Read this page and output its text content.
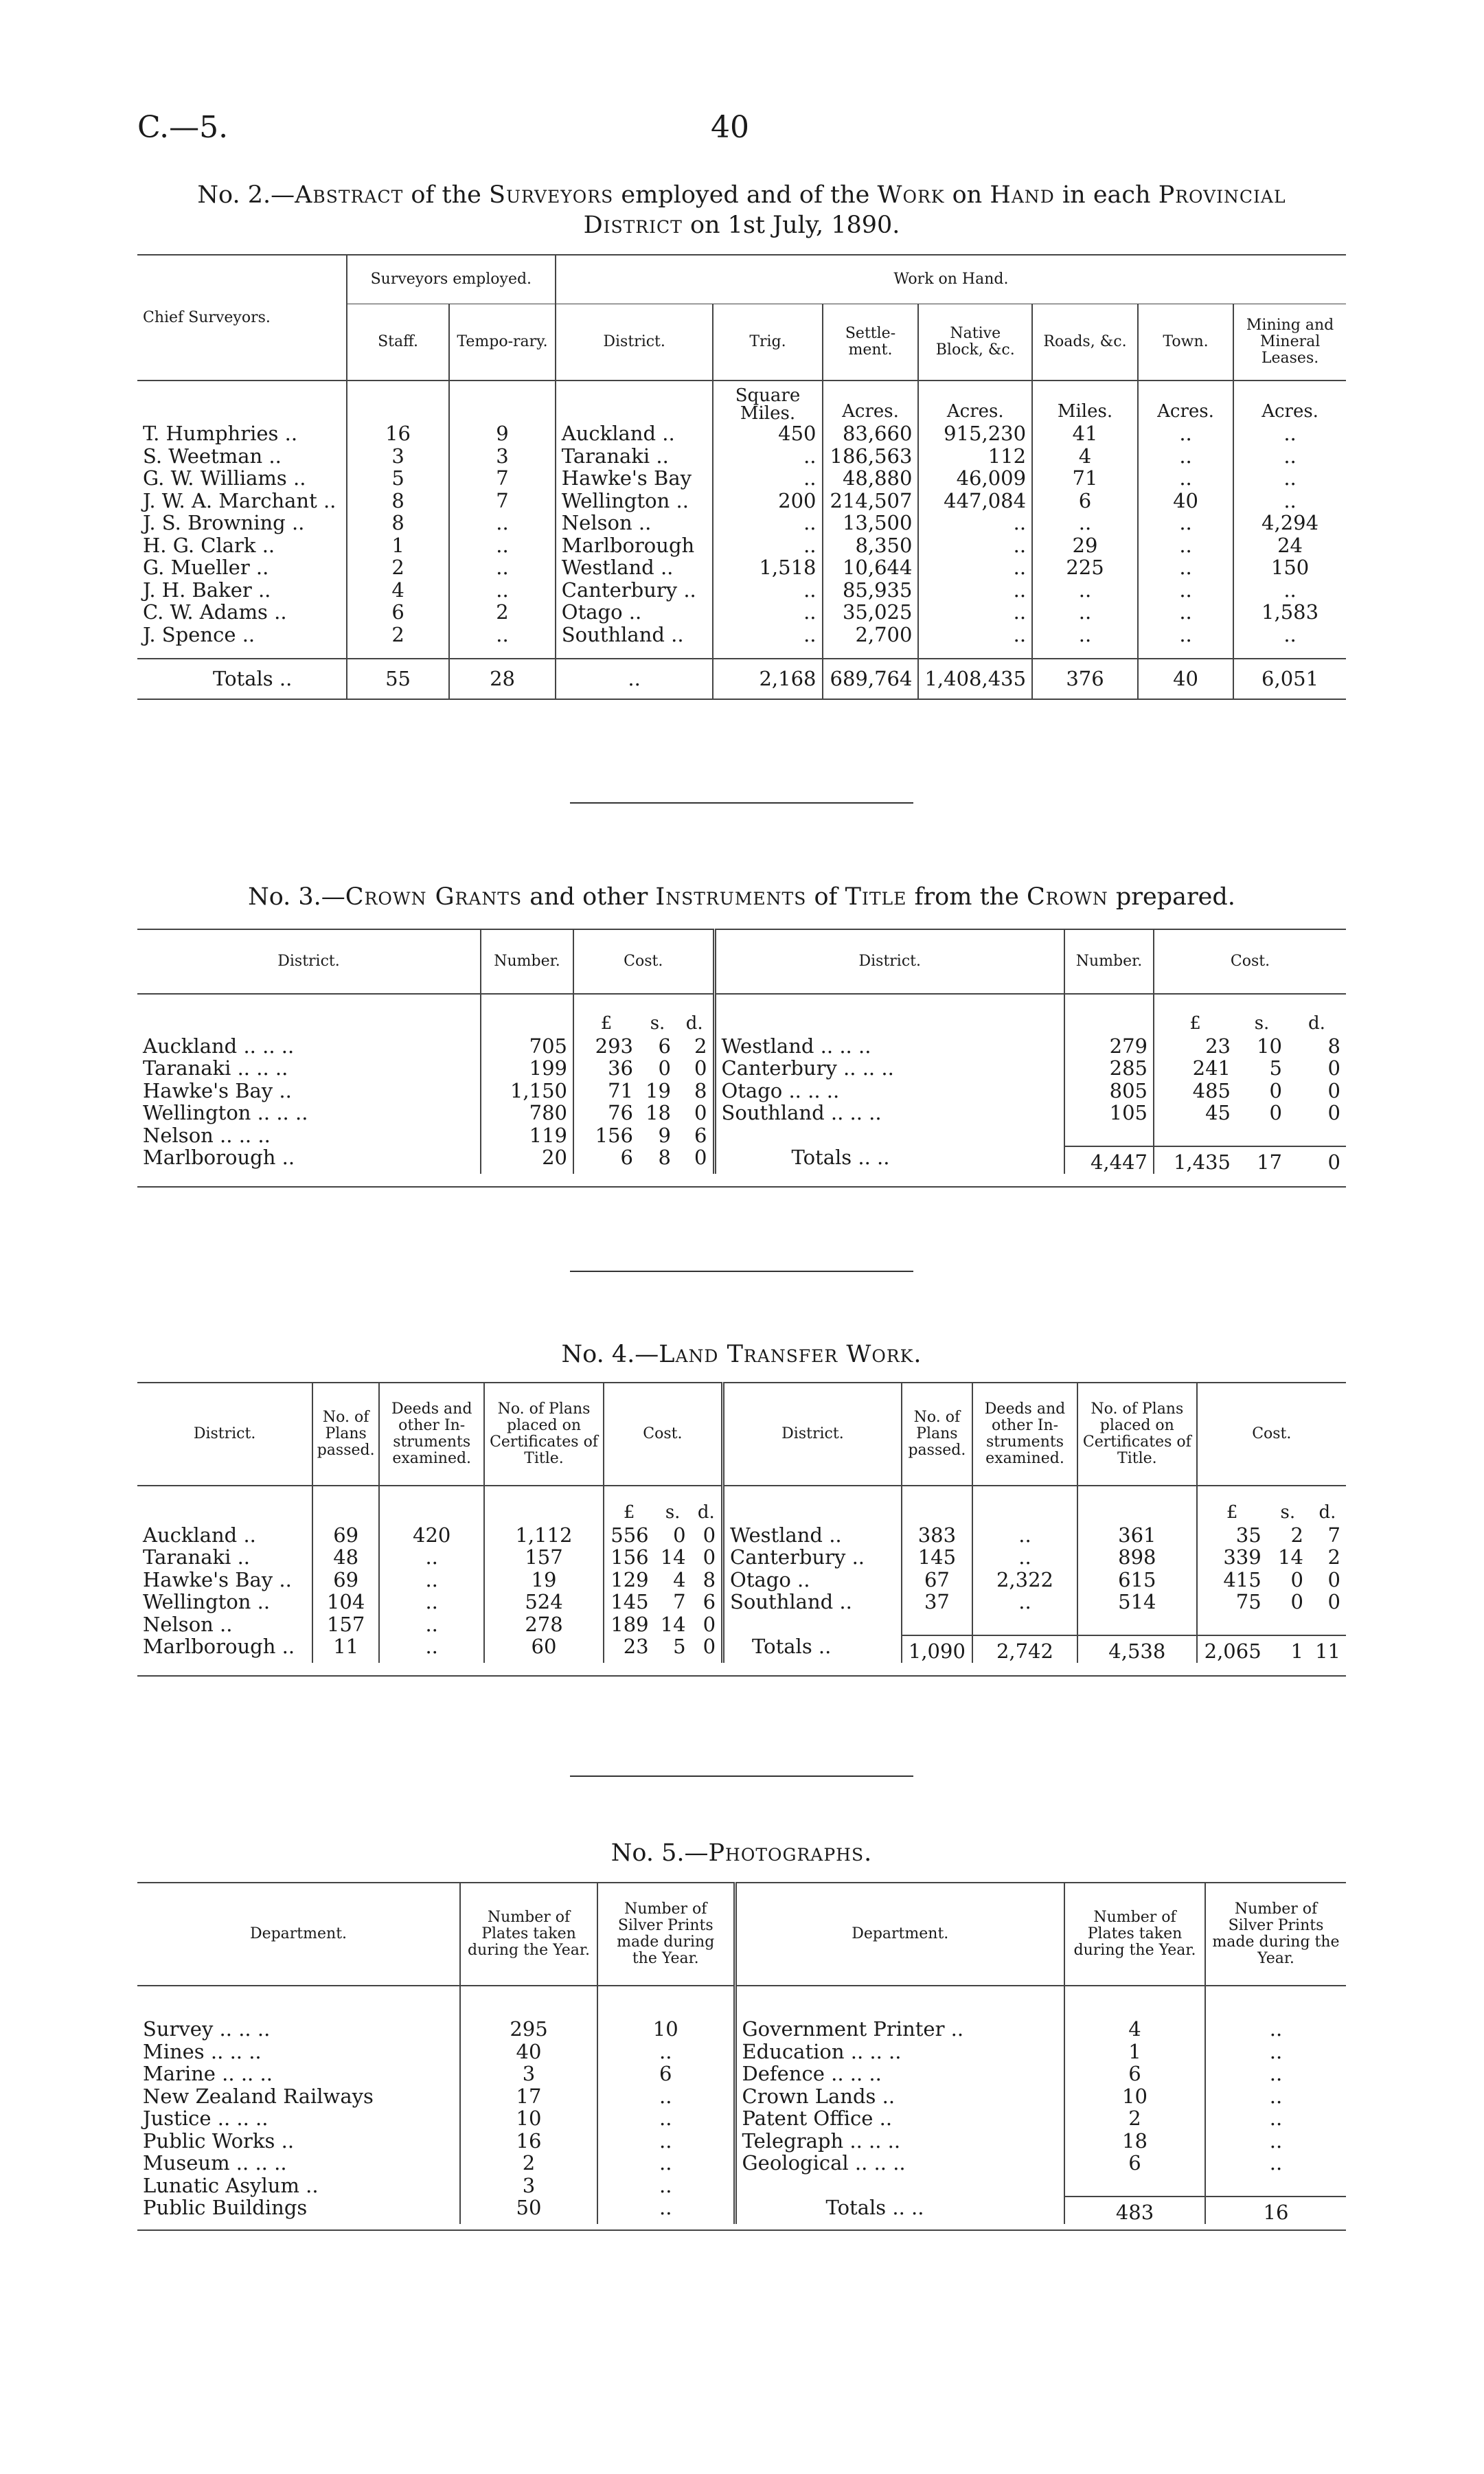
C.—5.	40
No. 2.—Abstract of the Surveyors employed and of the Work on Hand in each Provincial
District on 1st July, 1890.
Chief Surveyors.	Surveyors employed.		Work on Hand.						
	Staff.	Tempo-rary.	District.	Trig.	Settle-ment.	Native Block, &c.	Roads, &c.	Town.	Mining and Mineral Leases.
				Square Miles.	Acres.	Acres.	Miles.	Acres.	Acres.
T. Humphries ..	16	9	Auckland ..	450	83,660	915,230	41	..	..
S. Weetman ..	3	3	Taranaki ..	..	186,563	112	4	..	..
G. W. Williams ..	5	7	Hawke's Bay	..	48,880	46,009	71	..	..
J. W. A. Marchant ..	8	7	Wellington ..	200	214,507	447,084	6	40	..
J. S. Browning ..	8	..	Nelson ..	..	13,500	..	..	..	4,294
H. G. Clark ..	1	..	Marlborough	..	8,350	..	29	..	24
G. Mueller ..	2	..	Westland ..	1,518	10,644	..	225	..	150
J. H. Baker ..	4	..	Canterbury ..	..	85,935	..	..	..	..
C. W. Adams ..	6	2	Otago ..	..	35,025	..	..	..	1,583
J. Spence ..	2	..	Southland ..	..	2,700	..	..	..	..

Totals ..	55	28	..	2,168	689,764	1,408,435	376	40	6,051
No. 3.—Crown Grants and other Instruments of Title from the Crown prepared.
District.	Number.	Cost.			District.	Number.	Cost.		
		£	s.	d.			£	s.	d.
Auckland .. .. ..	705	293	6	2	Westland .. .. ..	279	23	10	8
Taranaki .. .. ..	199	36	0	0	Canterbury .. .. ..	285	241	5	0
Hawke's Bay ..	1,150	71	19	8	Otago .. .. ..	805	485	0	0
Wellington .. .. ..	780	76	18	0	Southland .. .. ..	105	45	0	0
Nelson .. .. ..	119	156	9	6					
Marlborough ..	20	6	8	0	Totals .. ..	4,447	1,435	17	0

No. 4.—Land Transfer Work.
District.	No. of Plans passed.	Deeds and other In-struments examined.	No. of Plans placed on Certificates of Title.	Cost.			District.	No. of Plans passed.	Deeds and other In-struments examined.	No. of Plans placed on Certificates of Title.	Cost.		
				£	s.	d.					£	s.	d.
Auckland ..	69	420	1,112	556	0	0	Westland ..	383	..	361	35	2	7
Taranaki ..	48	..	157	156	14	0	Canterbury ..	145	..	898	339	14	2
Hawke's Bay ..	69	..	19	129	4	8	Otago ..	67	2,322	615	415	0	0
Wellington ..	104	..	524	145	7	6	Southland ..	37	..	514	75	0	0
Nelson ..	157	..	278	189	14	0							
Marlborough ..	11	..	60	23	5	0	Totals ..	1,090	2,742	4,538	2,065	1	11

No. 5.—Photographs.
Department.	Number of Plates taken during the Year.	Number of Silver Prints made during the Year.	Department.	Number of Plates taken during the Year.	Number of Silver Prints made during the Year.

Survey .. .. ..	295	10	Government Printer ..	4	..
Mines .. .. ..	40	..	Education .. .. ..	1	..
Marine .. .. ..	3	6	Defence .. .. ..	6	..
New Zealand Railways	17	..	Crown Lands ..	10	..
Justice .. .. ..	10	..	Patent Office ..	2	..
Public Works ..	16	..	Telegraph .. .. ..	18	..
Museum .. .. ..	2	..	Geological .. .. ..	6	..
Lunatic Asylum ..	3	..			
Public Buildings	50	..	Totals .. ..	483	16
